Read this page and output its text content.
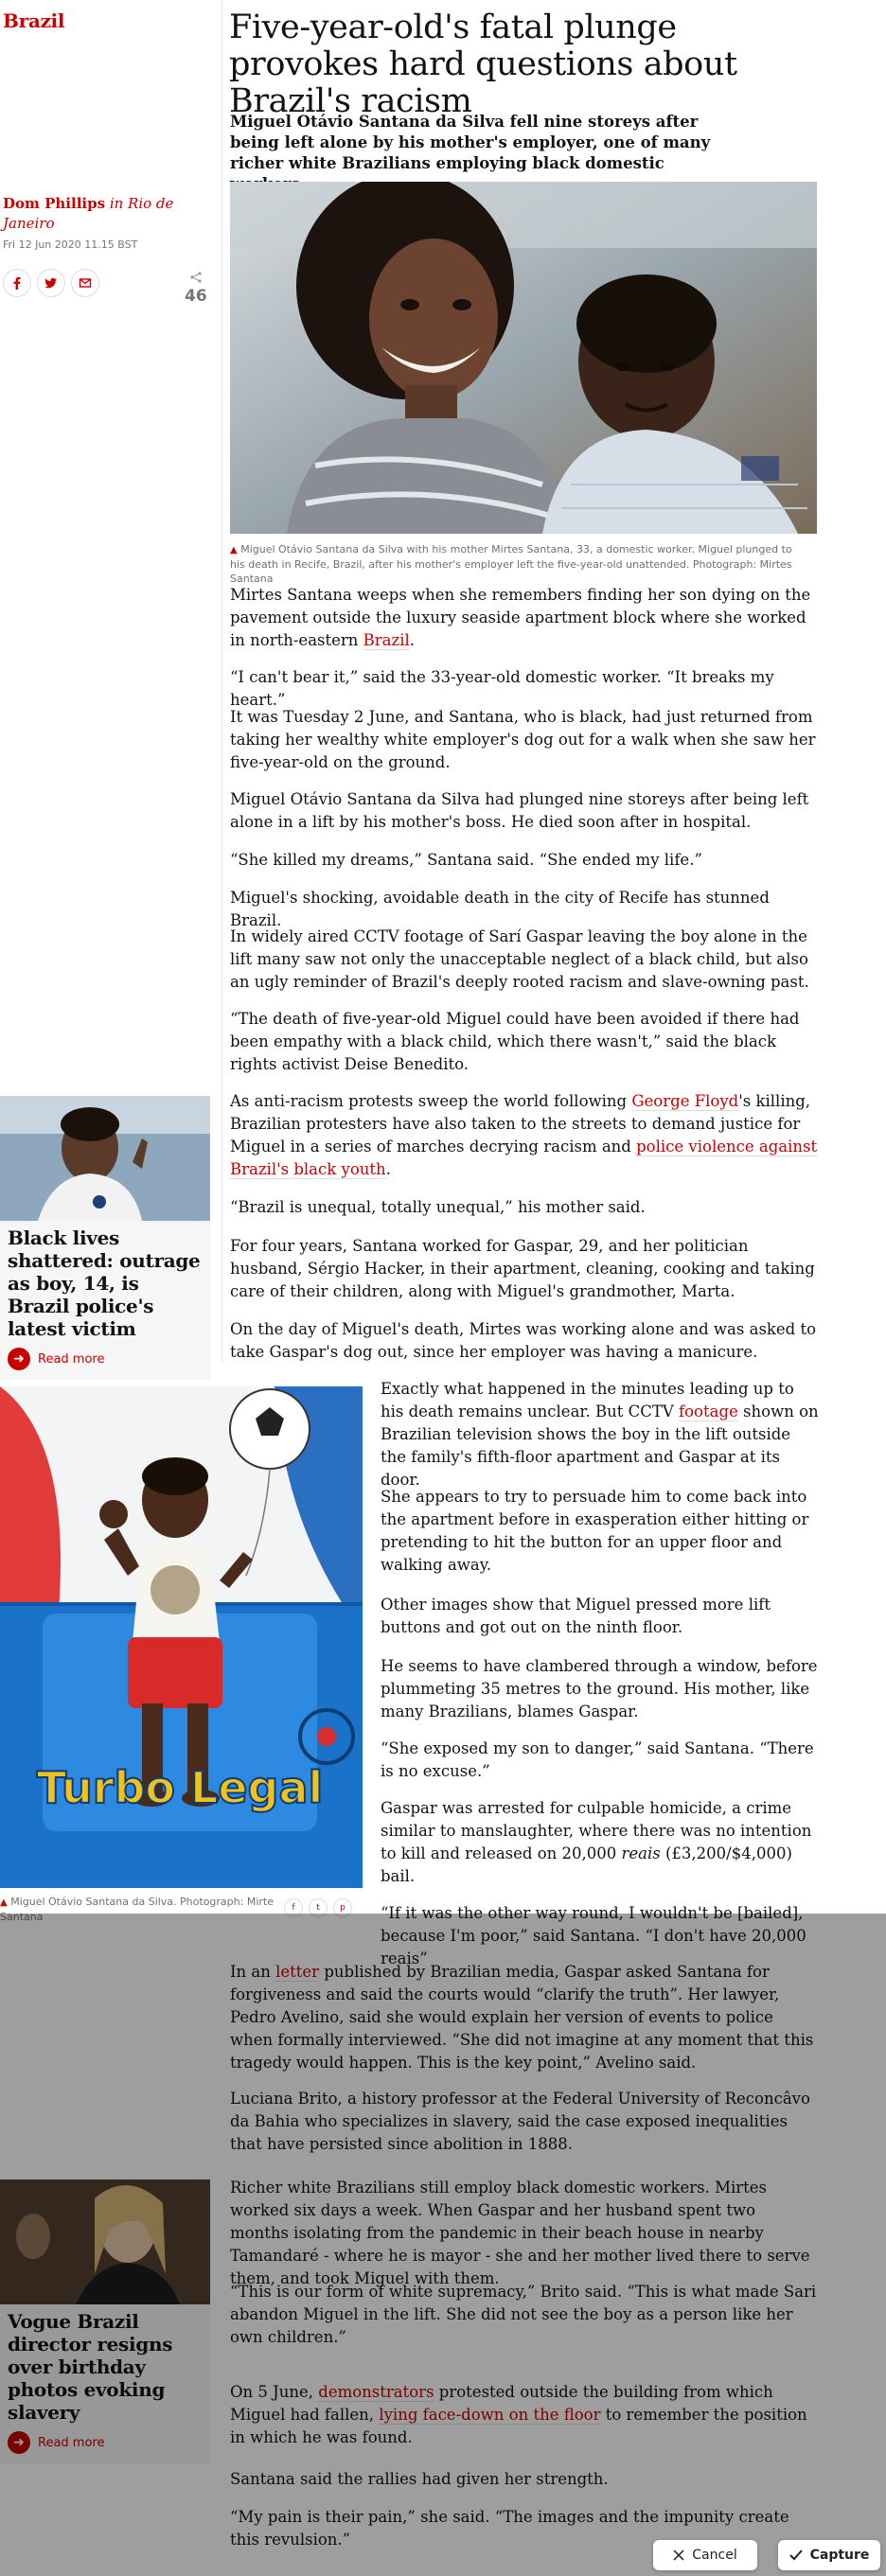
Brazil
Dom Phillips in Rio de Janeiro
Fri 12 Jun 2020 11.15 BST
46
Five-year-old's fatal plunge provokes hard questions about Brazil's racism
Miguel Otávio Santana da Silva fell nine storeys after being left alone by his mother's employer, one of many richer white Brazilians employing black domestic
▲ Miguel Otávio Santana da Silva with his mother Mirtes Santana, 33, a domestic worker. Miguel plunged to his death in Recife, Brazil, after his mother's employer left the five-year-old unattended. Photograph: Mirtes Santana

Mirtes Santana weeps when she remembers finding her son dying on the pavement outside the luxury seaside apartment block where she worked in north-eastern Brazil.

“I can't bear it,” said the 33-year-old domestic worker. “It breaks my heart.”

It was Tuesday 2 June, and Santana, who is black, had just returned from taking her wealthy white employer's dog out for a walk when she saw her five-year-old on the ground.

Miguel Otávio Santana da Silva had plunged nine storeys after being left alone in a lift by his mother's boss. He died soon after in hospital.

“She killed my dreams,” Santana said. “She ended my life.”

Miguel's shocking, avoidable death in the city of Recife has stunned Brazil.

In widely aired CCTV footage of Sarí Gaspar leaving the boy alone in the lift many saw not only the unacceptable neglect of a black child, but also an ugly reminder of Brazil's deeply rooted racism and slave-owning past.

“The death of five-year-old Miguel could have been avoided if there had been empathy with a black child, which there wasn't,” said the black rights activist Deise Benedito.

As anti-racism protests sweep the world following George Floyd's killing, Brazilian protesters have also taken to the streets to demand justice for Miguel in a series of marches decrying racism and police violence against Brazil's black youth.

“Brazil is unequal, totally unequal,” his mother said.

For four years, Santana worked for Gaspar, 29, and her politician husband, Sérgio Hacker, in their apartment, cleaning, cooking and taking care of their children, along with Miguel's grandmother, Marta.

On the day of Miguel's death, Mirtes was working alone and was asked to take Gaspar's dog out, since her employer was having a manicure.

Black lives shattered: outrage as boy, 14, is Brazil police's latest victim
➜	Read more
Turbo Legal
▲ Miguel Otávio Santana da Silva. Photograph: Mirte Santana
f	t	p

Exactly what happened in the minutes leading up to his death remains unclear. But CCTV footage shown on Brazilian television shows the boy in the lift outside the family's fifth-floor apartment and Gaspar at its door.

She appears to try to persuade him to come back into the apartment before in exasperation either hitting or pretending to hit the button for an upper floor and walking away.

Other images show that Miguel pressed more lift buttons and got out on the ninth floor.

He seems to have clambered through a window, before plummeting 35 metres to the ground. His mother, like many Brazilians, blames Gaspar.

“She exposed my son to danger,” said Santana. “There is no excuse.”

Gaspar was arrested for culpable homicide, a crime similar to manslaughter, where there was no intention to kill and released on 20,000 reais (£3,200/$4,000) bail.

“If it was the other way round, I wouldn't be [bailed], because I'm poor,” said Santana. “I don't have 20,000 reais”

In an letter published by Brazilian media, Gaspar asked Santana for forgiveness and said the courts would “clarify the truth”. Her lawyer, Pedro Avelino, said she would explain her version of events to police when formally interviewed. “She did not imagine at any moment that this tragedy would happen. This is the key point,” Avelino said.

Luciana Brito, a history professor at the Federal University of Reconcâvo da Bahia who specializes in slavery, said the case exposed inequalities that have persisted since abolition in 1888.

Richer white Brazilians still employ black domestic workers. Mirtes worked six days a week. When Gaspar and her husband spent two months isolating from the pandemic in their beach house in nearby Tamandaré - where he is mayor - she and her mother lived there to serve them, and took Miguel with them.

“This is our form of white supremacy,” Brito said. “This is what made Sari abandon Miguel in the lift. She did not see the boy as a person like her own children.”

On 5 June, demonstrators protested outside the building from which Miguel had fallen, lying face-down on the floor to remember the position in which he was found.

Santana said the rallies had given her strength.

“My pain is their pain,” she said. “The images and the impunity create this revulsion.”

Vogue Brazil director resigns over birthday photos evoking slavery
➜	Read more
Cancel	Capture
